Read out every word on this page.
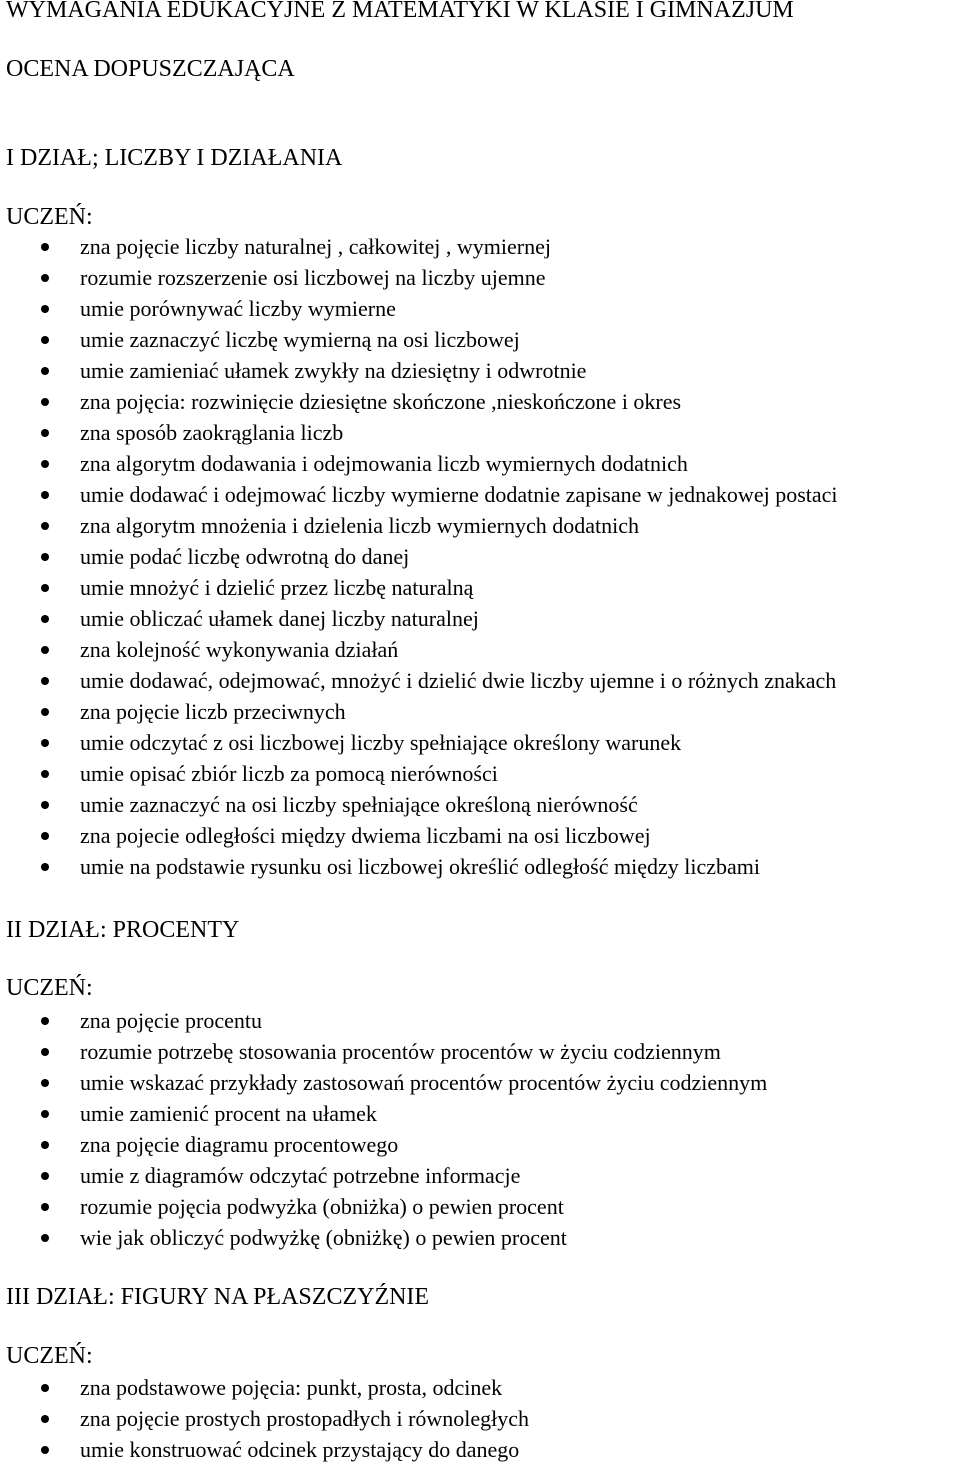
WYMAGANIA EDUKACYJNE Z MATEMATYKI W KLASIE I GIMNAZJUM
OCENA DOPUSZCZAJĄCA
I DZIAŁ; LICZBY I DZIAŁANIA
UCZEŃ:
zna pojęcie liczby naturalnej , całkowitej , wymiernej
rozumie rozszerzenie osi liczbowej na liczby ujemne
umie porównywać liczby wymierne
umie zaznaczyć liczbę wymierną na osi liczbowej
umie zamieniać ułamek zwykły na dziesiętny i odwrotnie
zna pojęcia: rozwinięcie dziesiętne skończone ,nieskończone i okres
zna sposób zaokrąglania liczb
zna algorytm dodawania i odejmowania liczb wymiernych dodatnich
umie dodawać i odejmować liczby wymierne dodatnie zapisane w jednakowej postaci
zna algorytm mnożenia i dzielenia liczb wymiernych dodatnich
umie podać liczbę odwrotną do danej
umie mnożyć i dzielić przez liczbę naturalną
umie obliczać ułamek danej liczby naturalnej
zna kolejność wykonywania działań
umie dodawać, odejmować, mnożyć i dzielić dwie liczby ujemne i o różnych znakach
zna pojęcie liczb przeciwnych
umie odczytać z osi liczbowej liczby spełniające określony warunek
umie opisać zbiór liczb za pomocą nierówności
umie zaznaczyć na osi liczby spełniające określoną nierówność
zna pojecie odległości między dwiema liczbami na osi liczbowej
umie na podstawie rysunku osi liczbowej określić odległość między liczbami
II DZIAŁ: PROCENTY
UCZEŃ:
zna pojęcie procentu
rozumie potrzebę stosowania procentów procentów w życiu codziennym
umie wskazać przykłady zastosowań procentów procentów życiu codziennym
umie zamienić procent na ułamek
zna pojęcie diagramu procentowego
umie z diagramów odczytać potrzebne informacje
rozumie pojęcia podwyżka (obniżka) o pewien procent
wie jak obliczyć podwyżkę (obniżkę) o pewien procent
III DZIAŁ: FIGURY NA PŁASZCZYŹNIE
UCZEŃ:
zna podstawowe pojęcia: punkt, prosta, odcinek
zna pojęcie prostych prostopadłych i równoległych
umie konstruować odcinek przystający do danego
